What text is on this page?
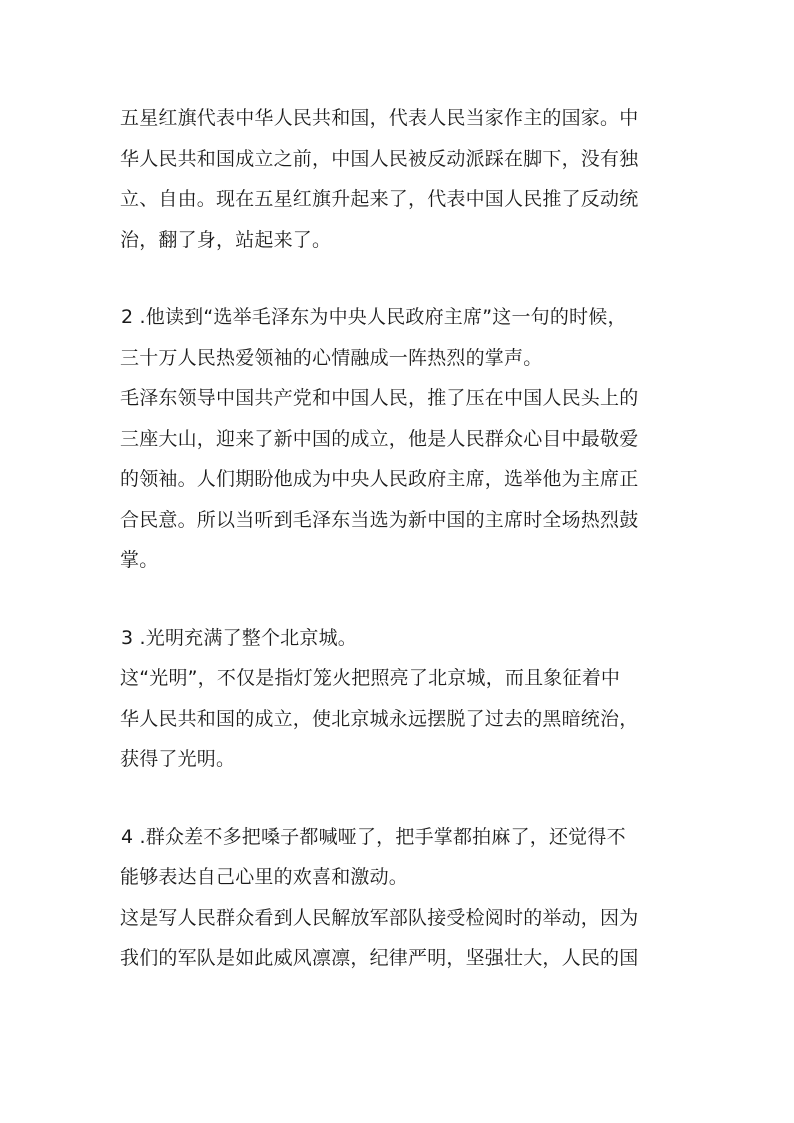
五星红旗代表中华人民共和国，代表人民当家作主的国家。中
华人民共和国成立之前，中国人民被反动派踩在脚下，没有独
立、自由。现在五星红旗升起来了，代表中国人民推了反动统
治，翻了身，站起来了。
2 .他读到“选举毛泽东为中央人民政府主席”这一句的时候，
三十万人民热爱领袖的心情融成一阵热烈的掌声。
毛泽东领导中国共产党和中国人民，推了压在中国人民头上的
三座大山，迎来了新中国的成立，他是人民群众心目中最敬爱
的领袖。人们期盼他成为中央人民政府主席，选举他为主席正
合民意。所以当听到毛泽东当选为新中国的主席时全场热烈鼓
掌。
3 .光明充满了整个北京城。
这“光明”，不仅是指灯笼火把照亮了北京城，而且象征着中
华人民共和国的成立，使北京城永远摆脱了过去的黑暗统治，
获得了光明。
4 .群众差不多把嗓子都喊哑了，把手掌都拍麻了，还觉得不
能够表达自己心里的欢喜和激动。
这是写人民群众看到人民解放军部队接受检阅时的举动，因为
我们的军队是如此威风凛凛，纪律严明，坚强壮大，人民的国
